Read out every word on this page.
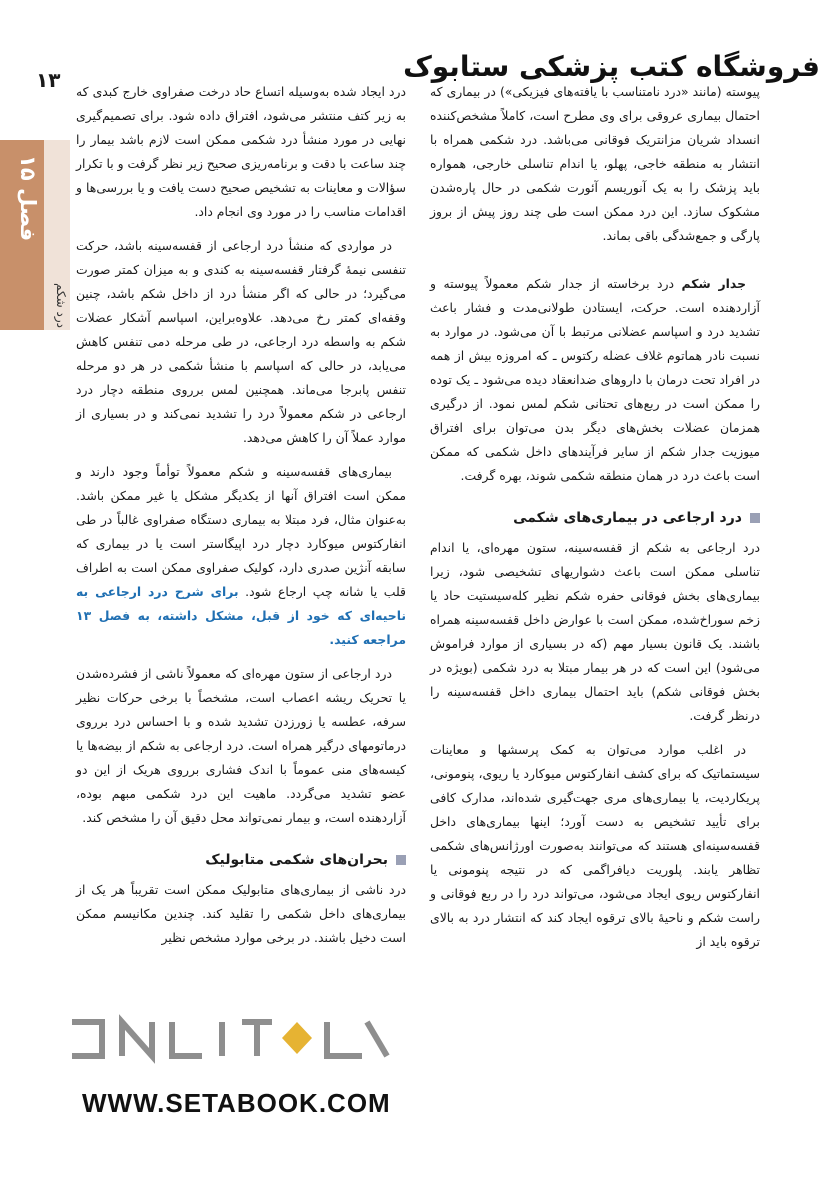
فروشگاه کتب پزشکی ستابوک
۱۳
فصل ۱۵
درد شکم

پیوسته (مانند «درد نامتناسب با یافته‌های فیزیکی») در بیماری که احتمال بیماری عروقی برای وی مطرح است، کاملاً مشخص‌کننده انسداد شریان مزانتریک فوقانی می‌باشد. درد شکمی همراه با انتشار به منطقه خاجی، پهلو، یا اندام تناسلی خارجی، همواره باید پزشک را به یک آنوریسم آئورت شکمی در حال پاره‌شدن مشکوک سازد. این درد ممکن است طی چند روز پیش از بروز پارگی و جمع‌شدگی باقی بماند.

جدار شکم درد برخاسته از جدار شکم معمولاً پیوسته و آزاردهنده است. حرکت، ایستادن طولانی‌مدت و فشار باعث تشدید درد و اسپاسم عضلانی مرتبط با آن می‌شود. در موارد به نسبت نادر هماتوم غلاف عضله رکتوس ـ که امروزه بیش از همه در افراد تحت درمان با داروهای ضدانعقاد دیده می‌شود ـ یک توده را ممکن است در ربع‌های تحتانی شکم لمس نمود. از درگیری همزمان عضلات بخش‌های دیگر بدن می‌توان برای افتراق میوزیت جدار شکم از سایر فرآیندهای داخل شکمی که ممکن است باعث درد در همان منطقه شکمی شوند، بهره گرفت.

درد ارجاعی در بیماری‌های شکمی

درد ارجاعی به شکم از قفسه‌سینه، ستون مهره‌ای، یا اندام تناسلی ممکن است باعث دشواریهای تشخیصی شود، زیرا بیماری‌های بخش فوقانی حفره شکم نظیر کله‌سیستیت حاد یا زخم سوراخ‌شده، ممکن است با عوارض داخل قفسه‌سینه همراه باشند. یک قانون بسیار مهم (که در بسیاری از موارد فراموش می‌شود) این است که در هر بیمار مبتلا به درد شکمی (بویژه در بخش فوقانی شکم) باید احتمال بیماری داخل قفسه‌سینه را درنظر گرفت.

در اغلب موارد می‌توان به کمک پرسشها و معاینات سیستماتیک که برای کشف انفارکتوس میوکارد یا ریوی، پنومونی، پریکاردیت، یا بیماری‌های مری جهت‌گیری شده‌اند، مدارک کافی برای تأیید تشخیص به دست آورد؛ اینها بیماری‌های داخل قفسه‌سینه‌ای هستند که می‌توانند به‌صورت اورژانس‌های شکمی تظاهر یابند. پلوریت دیافراگمی که در نتیجه پنومونی یا انفارکتوس ریوی ایجاد می‌شود، می‌تواند درد را در ربع فوقانی و راست شکم و ناحیهٔ بالای ترقوه ایجاد کند که انتشار درد به بالای ترقوه باید از

درد ایجاد شده به‌وسیله اتساع حاد درخت صفراوی خارج کبدی که به زیر کتف منتشر می‌شود، افتراق داده شود. برای تصمیم‌گیری نهایی در مورد منشأ درد شکمی ممکن است لازم باشد بیمار را چند ساعت با دقت و برنامه‌ریزی صحیح زیر نظر گرفت و با تکرار سؤالات و معاینات به تشخیص صحیح دست یافت و یا بررسی‌ها و اقدامات مناسب را در مورد وی انجام داد.

در مواردی که منشأ درد ارجاعی از قفسه‌سینه باشد، حرکت تنفسی نیمهٔ گرفتار قفسه‌سینه به کندی و به میزان کمتر صورت می‌گیرد؛ در حالی که اگر منشأ درد از داخل شکم باشد، چنین وقفه‌ای کمتر رخ می‌دهد. علاوه‌براین، اسپاسم آشکار عضلات شکم به واسطه درد ارجاعی، در طی مرحله دمی تنفس کاهش می‌یابد، در حالی که اسپاسم با منشأ شکمی در هر دو مرحله تنفس پابرجا می‌ماند. همچنین لمس برروی منطقه دچار درد ارجاعی در شکم معمولاً درد را تشدید نمی‌کند و در بسیاری از موارد عملاً آن را کاهش می‌دهد.

بیماری‌های قفسه‌سینه و شکم معمولاً توأماً وجود دارند و ممکن است افتراق آنها از یکدیگر مشکل یا غیر ممکن باشد. به‌عنوان مثال، فرد مبتلا به بیماری دستگاه صفراوی غالباً در طی انفارکتوس میوکارد دچار درد اپیگاستر است یا در بیماری که سابقه آنژین صدری دارد، کولیک صفراوی ممکن است به اطراف قلب یا شانه چپ ارجاع شود. برای شرح درد ارجاعی به ناحیه‌ای که خود از قبل، مشکل داشته، به فصل ۱۳ مراجعه کنید.

درد ارجاعی از ستون مهره‌ای که معمولاً ناشی از فشرده‌شدن یا تحریک ریشه اعصاب است، مشخصاً با برخی حرکات نظیر سرفه، عطسه یا زورزدن تشدید شده و با احساس درد برروی درماتومهای درگیر همراه است. درد ارجاعی به شکم از بیضه‌ها یا کیسه‌های منی عموماً با اندک فشاری برروی هریک از این دو عضو تشدید می‌گردد. ماهیت این درد شکمی مبهم بوده، آزاردهنده است، و بیمار نمی‌تواند محل دقیق آن را مشخص کند.

بحران‌های شکمی متابولیک

درد ناشی از بیماری‌های متابولیک ممکن است تقریباً هر یک از بیماری‌های داخل شکمی را تقلید کند. چندین مکانیسم ممکن است دخیل باشند. در برخی موارد مشخص نظیر

WWW.SETABOOK.COM
